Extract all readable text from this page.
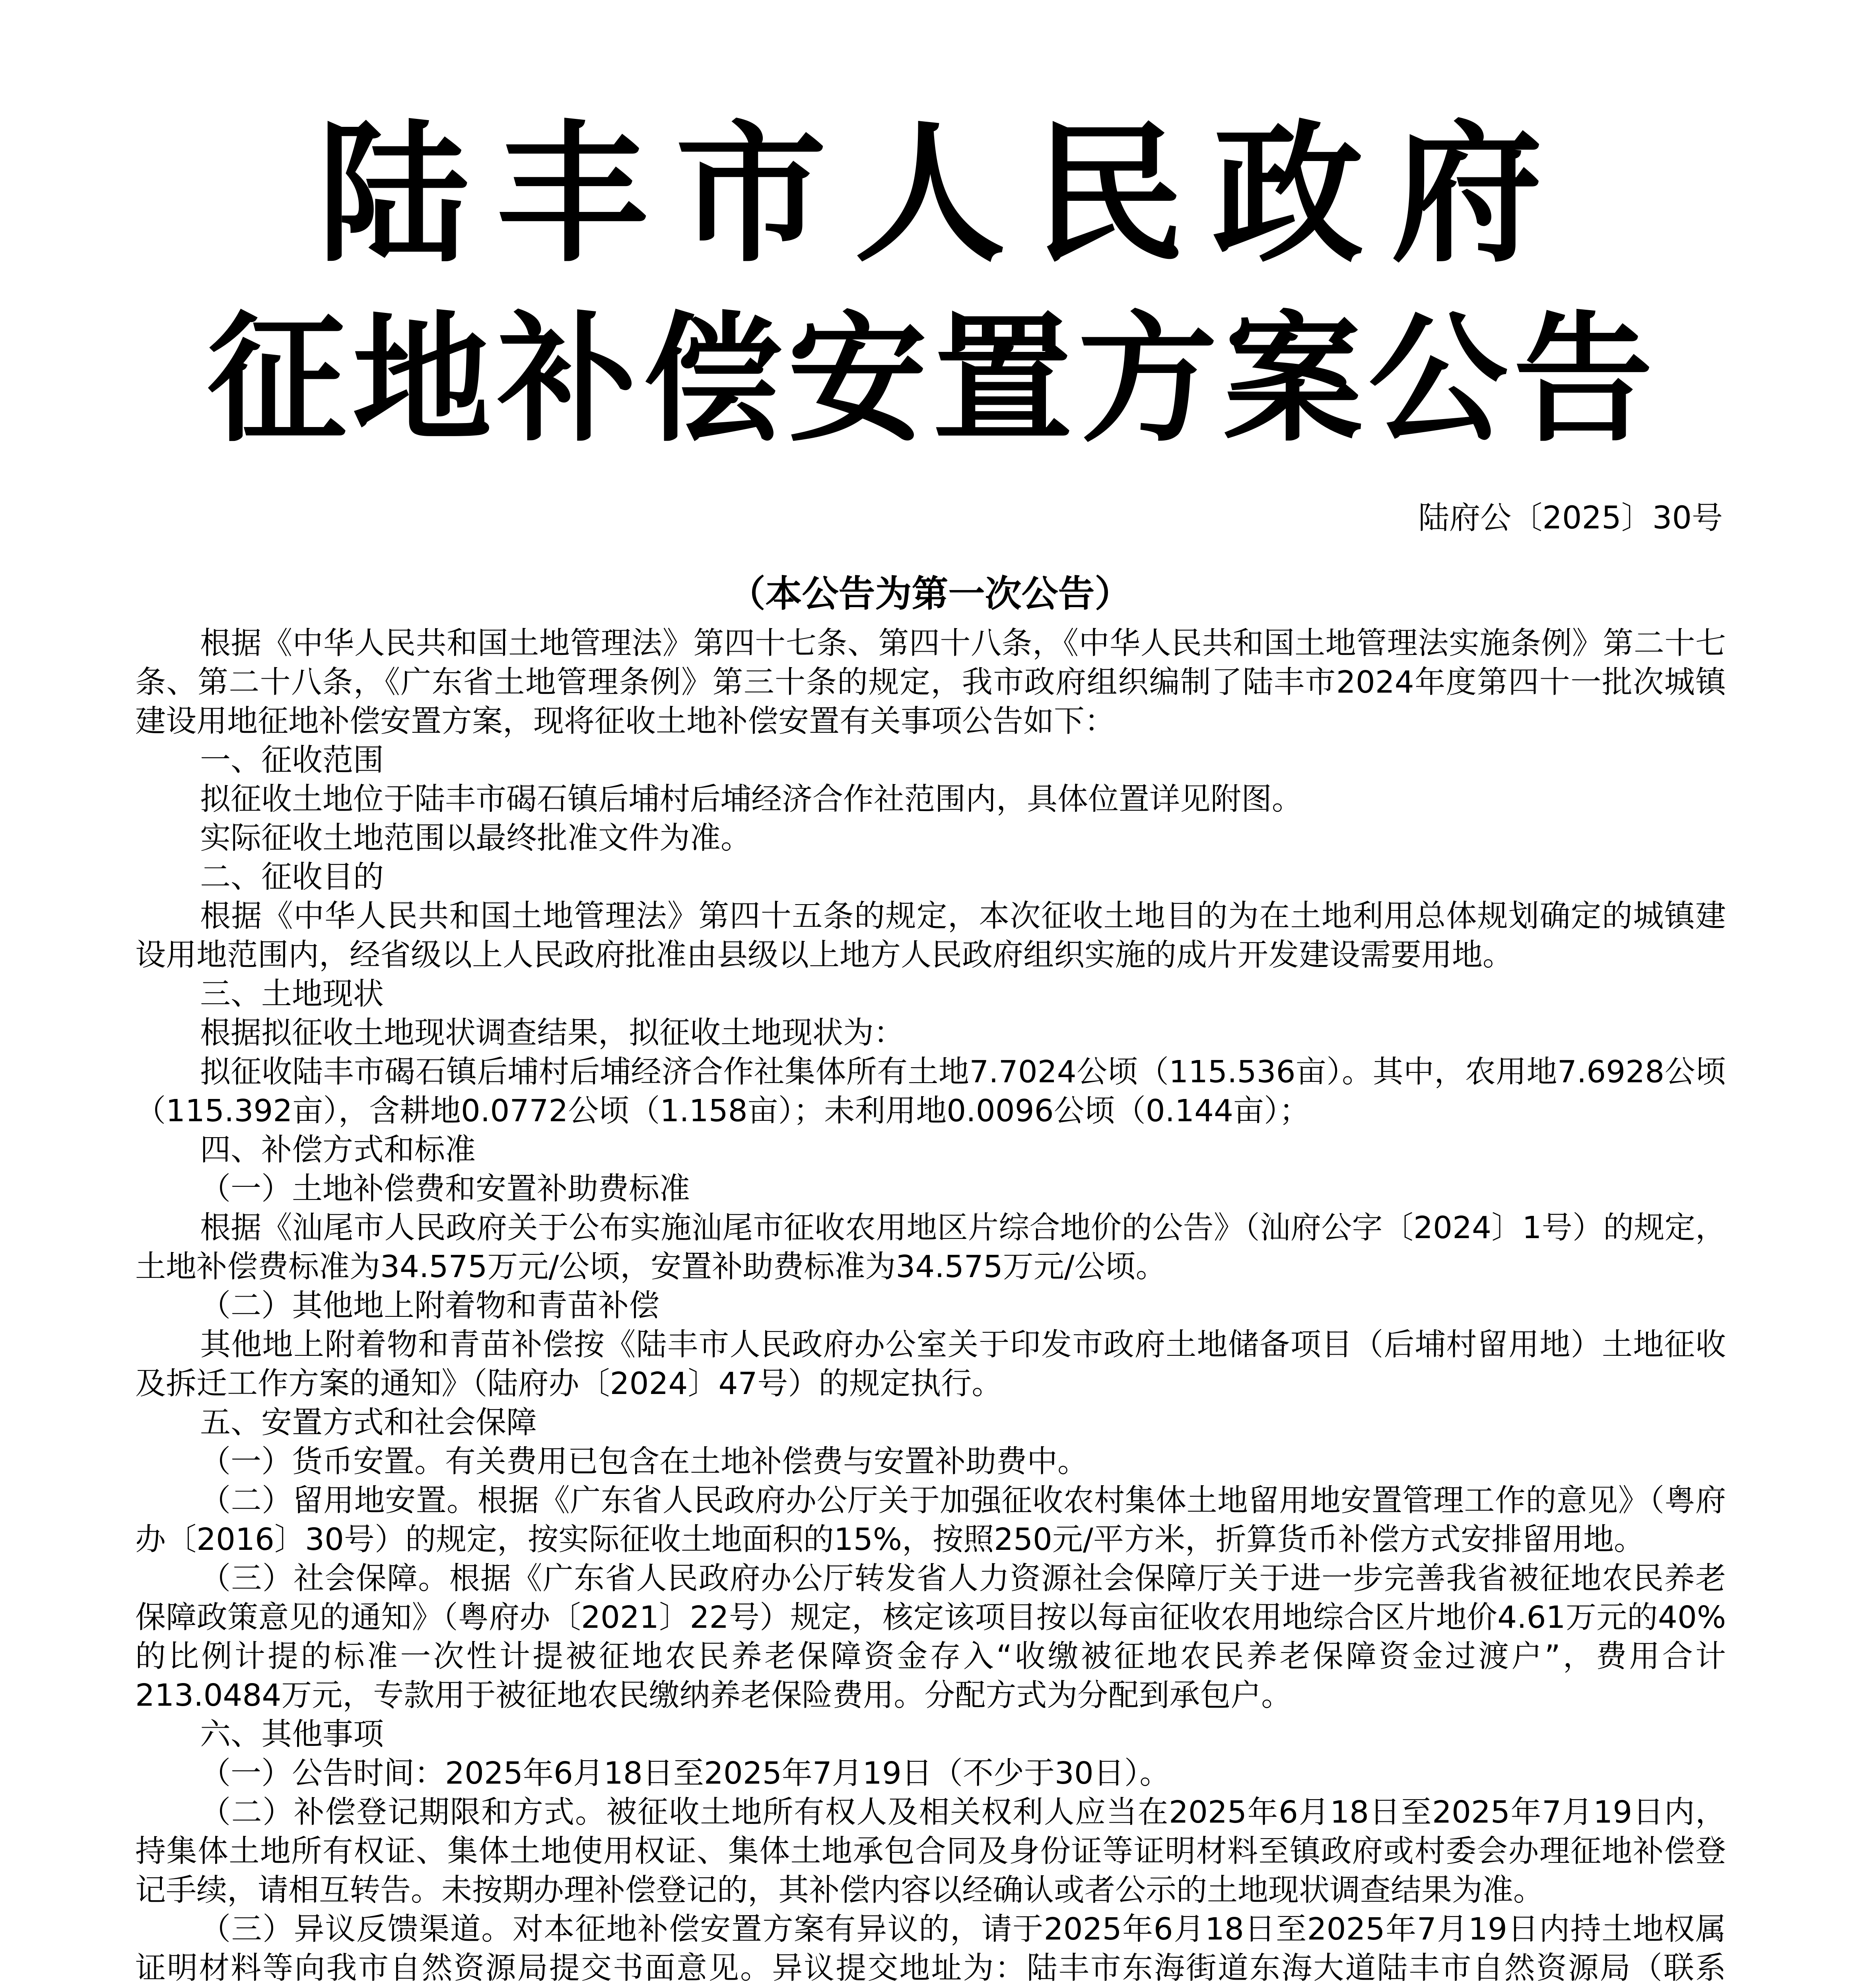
陆丰市人民政府
征地补偿安置方案公告
陆府公〔2025〕30号
（本公告为第一次公告）

根据《中华人民共和国土地管理法》第四十七条、第四十八条，《中华人民共和国土地管理法实施条例》第二十七条、第二十八条，《广东省土地管理条例》第三十条的规定，我市政府组织编制了陆丰市2024年度第四十一批次城镇建设用地征地补偿安置方案，现将征收土地补偿安置有关事项公告如下：

一、征收范围

拟征收土地位于陆丰市碣石镇后埔村后埔经济合作社范围内，具体位置详见附图。

实际征收土地范围以最终批准文件为准。

二、征收目的

根据《中华人民共和国土地管理法》第四十五条的规定，本次征收土地目的为在土地利用总体规划确定的城镇建设用地范围内，经省级以上人民政府批准由县级以上地方人民政府组织实施的成片开发建设需要用地。

三、土地现状

根据拟征收土地现状调查结果，拟征收土地现状为：

拟征收陆丰市碣石镇后埔村后埔经济合作社集体所有土地7.7024公顷（115.536亩）。其中，农用地7.6928公顷（115.392亩），含耕地0.0772公顷（1.158亩）；未利用地0.0096公顷（0.144亩）；

四、补偿方式和标准

（一）土地补偿费和安置补助费标准

根据《汕尾市人民政府关于公布实施汕尾市征收农用地区片综合地价的公告》（汕府公字〔2024〕1号）的规定，土地补偿费标准为34.575万元/公顷，安置补助费标准为34.575万元/公顷。

（二）其他地上附着物和青苗补偿

其他地上附着物和青苗补偿按《陆丰市人民政府办公室关于印发市政府土地储备项目（后埔村留用地）土地征收及拆迁工作方案的通知》（陆府办〔2024〕47号）的规定执行。

五、安置方式和社会保障

（一）货币安置。有关费用已包含在土地补偿费与安置补助费中。

（二）留用地安置。根据《广东省人民政府办公厅关于加强征收农村集体土地留用地安置管理工作的意见》（粤府办〔2016〕30号）的规定，按实际征收土地面积的15%，按照250元/平方米，折算货币补偿方式安排留用地。

（三）社会保障。根据《广东省人民政府办公厅转发省人力资源社会保障厅关于进一步完善我省被征地农民养老保障政策意见的通知》（粤府办〔2021〕22号）规定，核定该项目按以每亩征收农用地综合区片地价4.61万元的40%的比例计提的标准一次性计提被征地农民养老保障资金存入“收缴被征地农民养老保障资金过渡户”，费用合计213.0484万元，专款用于被征地农民缴纳养老保险费用。分配方式为分配到承包户。

六、其他事项

（一）公告时间：2025年6月18日至2025年7月19日（不少于30日）。

（二）补偿登记期限和方式。被征收土地所有权人及相关权利人应当在2025年6月18日至2025年7月19日内，持集体土地所有权证、集体土地使用权证、集体土地承包合同及身份证等证明材料至镇政府或村委会办理征地补偿登记手续，请相互转告。未按期办理补偿登记的，其补偿内容以经确认或者公示的土地现状调查结果为准。

（三）异议反馈渠道。对本征地补偿安置方案有异议的，请于2025年6月18日至2025年7月19日内持土地权属证明材料等向我市自然资源局提交书面意见。异议提交地址为：陆丰市东海街道东海大道陆丰市自然资源局（联系
